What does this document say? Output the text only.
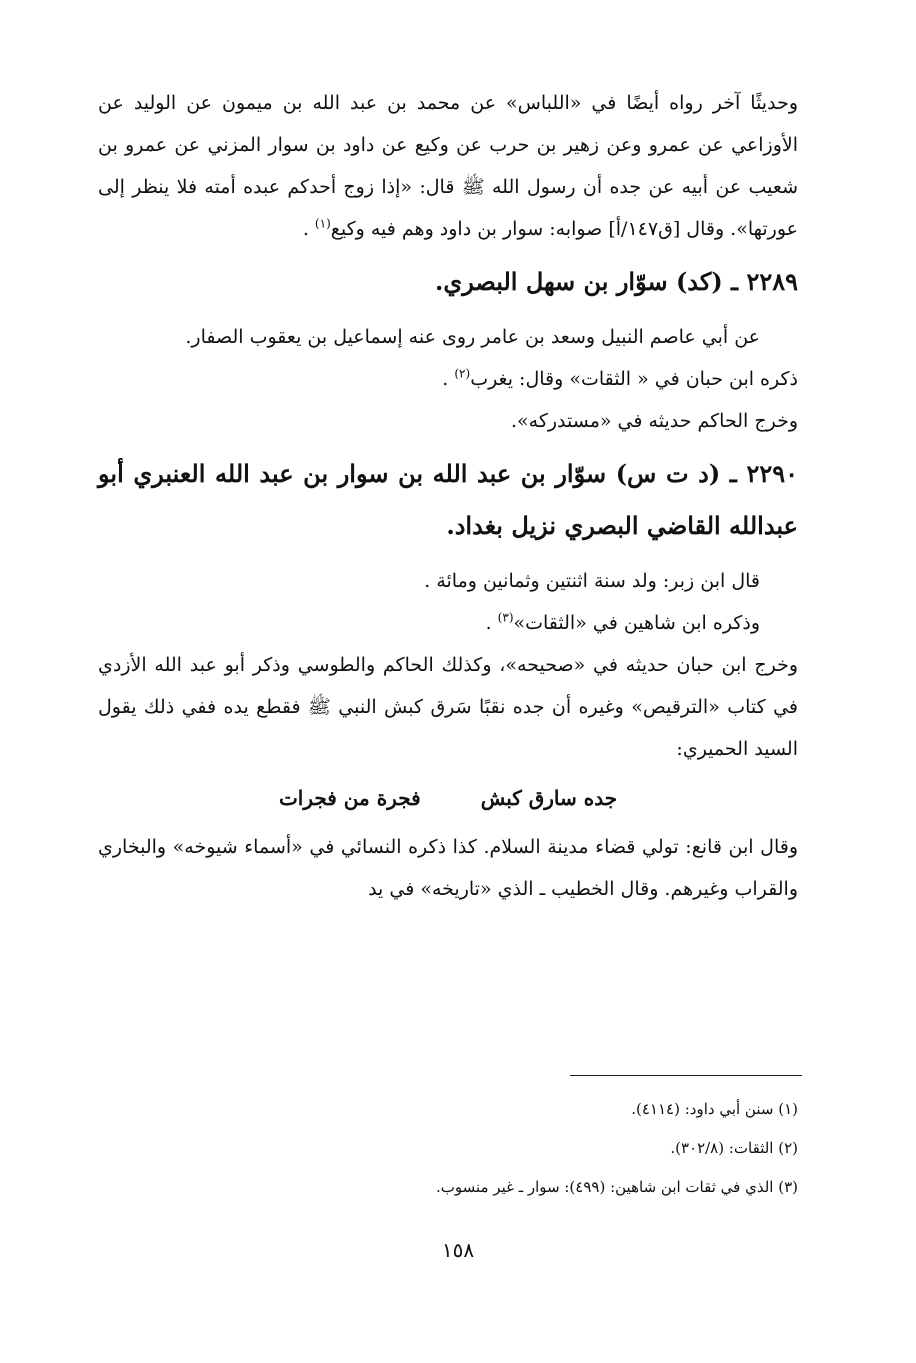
وحديثًا آخر رواه أيضًا في «اللباس» عن محمد بن عبد الله بن ميمون عن الوليد عن الأوزاعي عن عمرو وعن زهير بن حرب عن وكيع عن داود بن سوار المزني عن عمرو بن شعيب عن أبيه عن جده أن رسول الله ﷺ قال: «إذا زوج أحدكم عبده أمته فلا ينظر إلى عورتها». وقال [ق١٤٧/أ] صوابه: سوار بن داود وهم فيه وكيع$^{(١)}$ .

٢٢٨٩ ـ (كد) سوّار بن سهل البصري.

عن أبي عاصم النبيل وسعد بن عامر روى عنه إسماعيل بن يعقوب الصفار.

ذكره ابن حبان في « الثقات» وقال: يغرب$^{(٢)}$ .

وخرج الحاكم حديثه في «مستدركه».

٢٢٩٠ ـ (د ت س) سوّار بن عبد الله بن سوار بن عبد الله العنبري أبو عبدالله القاضي البصري نزيل بغداد.

قال ابن زبر: ولد سنة اثنتين وثمانين ومائة .

وذكره ابن شاهين في «الثقات»$^{(٣)}$ .

وخرج ابن حبان حديثه في «صحيحه»، وكذلك الحاكم والطوسي وذكر أبو عبد الله الأزدي في كتاب «الترقيص» وغيره أن جده نقبًا سَرق كبش النبي ﷺ فقطع يده ففي ذلك يقول السيد الحميري:

جده سارق كبش
فجرة من فجرات

وقال ابن قانع: تولي قضاء مدينة السلام. كذا ذكره النسائي في «أسماء شيوخه» والبخاري والقراب وغيرهم. وقال الخطيب ـ الذي «تاريخه» في يد

(١) سنن أبي داود: (٤١١٤).
(٢) الثقات: (٣٠٢/٨).
(٣) الذي في ثقات ابن شاهين: (٤٩٩): سوار ـ غير منسوب.
١٥٨
